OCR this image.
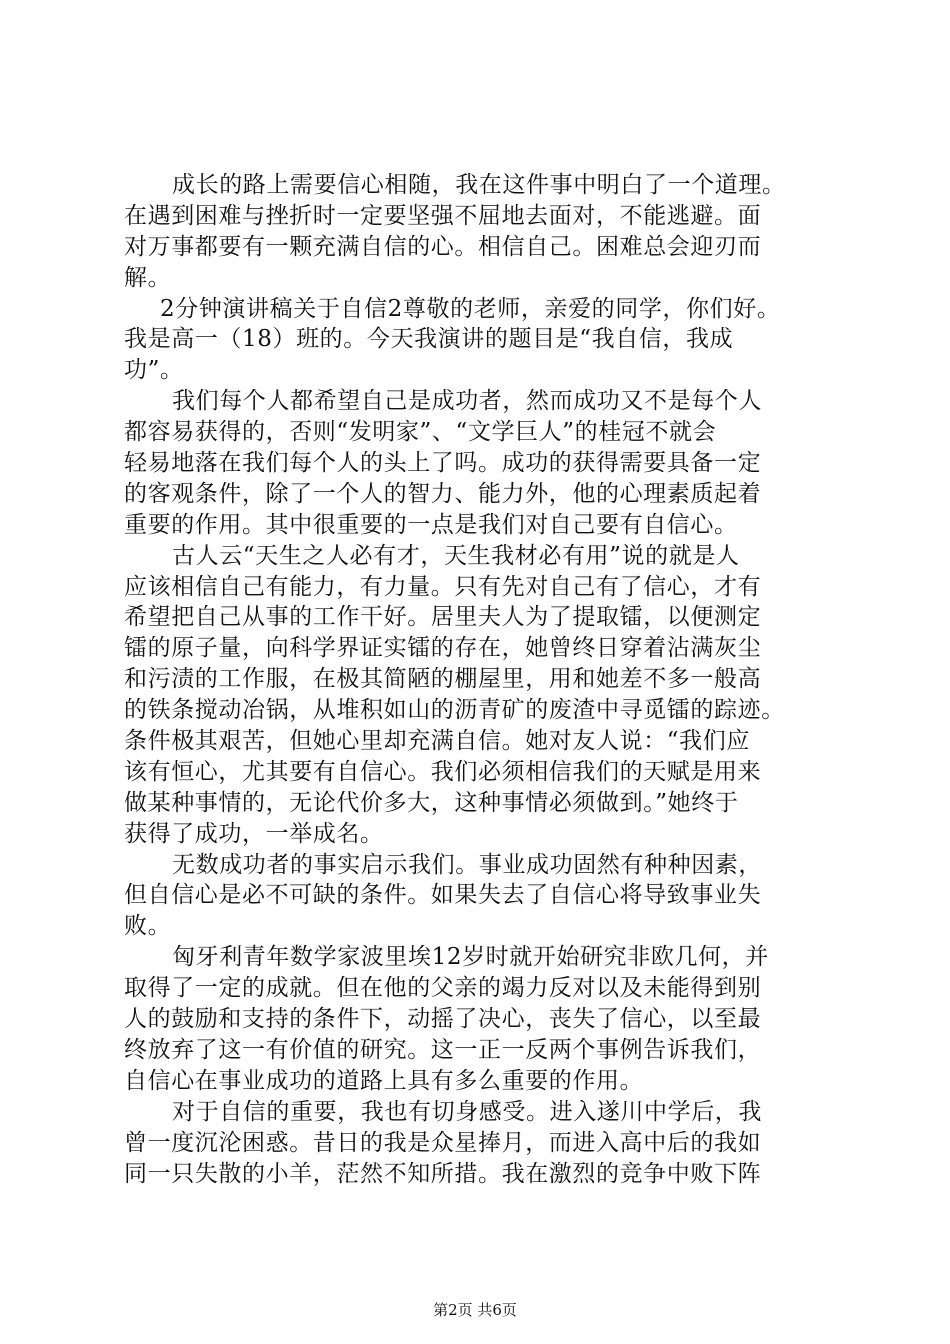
成长的路上需要信心相随，我在这件事中明白了一个道理。
在遇到困难与挫折时一定要坚强不屈地去面对，不能逃避。面
对万事都要有一颗充满自信的心。相信自己。困难总会迎刃而
解。
2分钟演讲稿关于自信2尊敬的老师，亲爱的同学，你们好。
我是高一（18）班的。今天我演讲的题目是“我自信，我成
功”。
我们每个人都希望自己是成功者，然而成功又不是每个人
都容易获得的，否则“发明家”、“文学巨人”的桂冠不就会
轻易地落在我们每个人的头上了吗。成功的获得需要具备一定
的客观条件，除了一个人的智力、能力外，他的心理素质起着
重要的作用。其中很重要的一点是我们对自己要有自信心。
古人云“天生之人必有才，天生我材必有用”说的就是人
应该相信自己有能力，有力量。只有先对自己有了信心，才有
希望把自己从事的工作干好。居里夫人为了提取镭，以便测定
镭的原子量，向科学界证实镭的存在，她曾终日穿着沾满灰尘
和污渍的工作服，在极其简陋的棚屋里，用和她差不多一般高
的铁条搅动冶锅，从堆积如山的沥青矿的废渣中寻觅镭的踪迹。
条件极其艰苦，但她心里却充满自信。她对友人说：“我们应
该有恒心，尤其要有自信心。我们必须相信我们的天赋是用来
做某种事情的，无论代价多大，这种事情必须做到。”她终于
获得了成功，一举成名。
无数成功者的事实启示我们。事业成功固然有种种因素，
但自信心是必不可缺的条件。如果失去了自信心将导致事业失
败。
匈牙利青年数学家波里埃12岁时就开始研究非欧几何，并
取得了一定的成就。但在他的父亲的竭力反对以及未能得到别
人的鼓励和支持的条件下，动摇了决心，丧失了信心，以至最
终放弃了这一有价值的研究。这一正一反两个事例告诉我们，
自信心在事业成功的道路上具有多么重要的作用。
对于自信的重要，我也有切身感受。进入遂川中学后，我
曾一度沉沦困惑。昔日的我是众星捧月，而进入高中后的我如
同一只失散的小羊，茫然不知所措。我在激烈的竞争中败下阵
第2页 共6页
